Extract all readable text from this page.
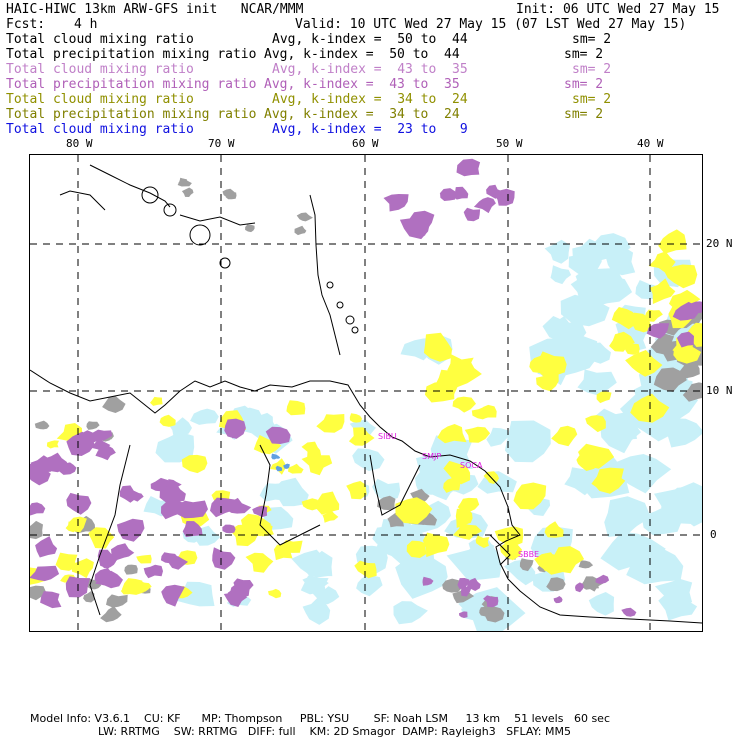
HAIC-HIWC 13km ARW-GFS init   NCAR/MMM	Init: 06 UTC Wed 27 May 15
Fcst: 4 h	Valid: 10 UTC Wed 27 May 15 (07 LST Wed 27 May 15)
Total cloud mixing ratio	Avg, k-index =  50 to  44	sm= 2
Total precipitation mixing ratio Avg, k-index =  50 to  44	sm= 2
Total cloud mixing ratio	Avg, k-index =  43 to  35	sm= 2
Total precipitation mixing ratio Avg, k-index =  43 to  35	sm= 2
Total cloud mixing ratio	Avg, k-index =  34 to  24	sm= 2
Total precipitation mixing ratio Avg, k-index =  34 to  24	sm= 2
Total cloud mixing ratio	Avg, k-index =  23 to   9
80 W	70 W	60 W	50 W	40 W
20 N
10 N
0
SIBU
SMJP
SOCA
SBBE
Model Info: V3.6.1    CU: KF      MP: Thompson     PBL: YSU       SF: Noah LSM     13 km    51 levels   60 sec
LW: RRTMG    SW: RRTMG   DIFF: full    KM: 2D Smagor  DAMP: Rayleigh3   SFLAY: MM5
